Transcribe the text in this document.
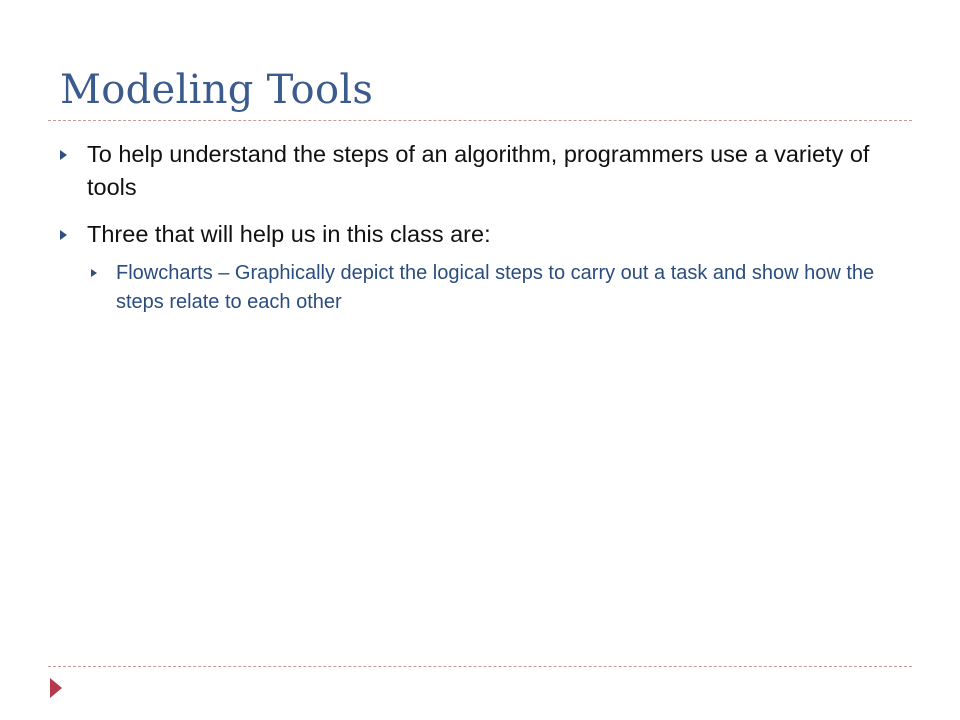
Modeling Tools
To help understand the steps of an algorithm, programmers use a variety of tools
Three that will help us in this class are:
Flowcharts – Graphically depict the logical steps to carry out a task and show how the steps relate to each other
